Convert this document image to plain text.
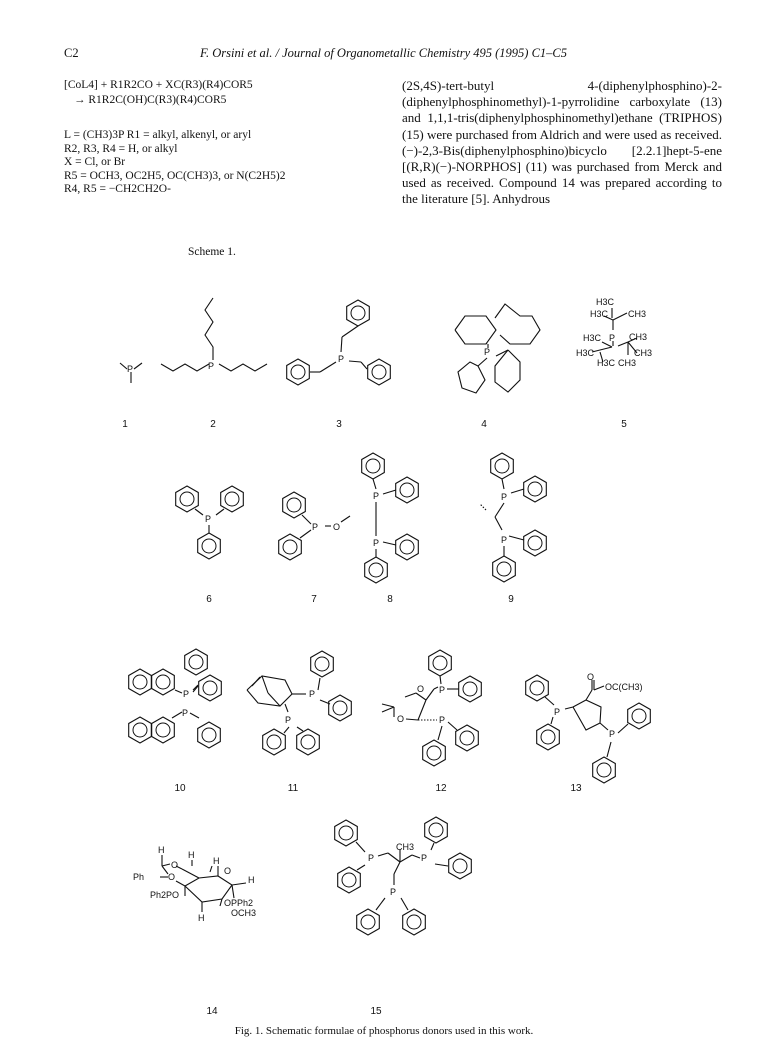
C2	F. Orsini et al. / Journal of Organometallic Chemistry 495 (1995) C1–C5
[CoL4] + R1R2CO + XC(R3)(R4)COR5
→ R1R2C(OH)C(R3)(R4)COR5
L = (CH3)3P R1 = alkyl, alkenyl, or aryl
R2, R3, R4 = H, or alkyl
X = Cl, or Br
R5 = OCH3, OC2H5, OC(CH3)3, or N(C2H5)2
R4, R5 = −CH2CH2O-
Scheme 1.

(2S,4S)-tert-butyl 4-(diphenylphosphino)-2-(diphenylphosphinomethyl)-1-pyrrolidine carboxylate (13) and 1,1,1-tris(diphenylphosphinomethyl)ethane (TRIPHOS) (15) were purchased from Aldrich and were used as received. (−)-2,3-Bis(diphenylphosphino)bicyclo [2.2.1]hept-5-ene [(R,R)(−)-NORPHOS] (11) was purchased from Merck and used as received. Compound 14 was prepared according to the literature [5]. Anhydrous

P	P
P
P
H3C
H3C CH3
H3C P CH3
H3C	CH3
H3C CH3
P
P O
P
P
P
P
P
P
P
P
O
O
P
P
O
OC(CH3)
P
P
H	H
O
O
H
O
H
Ph
Ph2PO
OPPh2
OCH3
H
P
CH3
P
P
1	2	3	4	5
6	7	8	9
10	11	12	13
14	15
Fig. 1. Schematic formulae of phosphorus donors used in this work.
